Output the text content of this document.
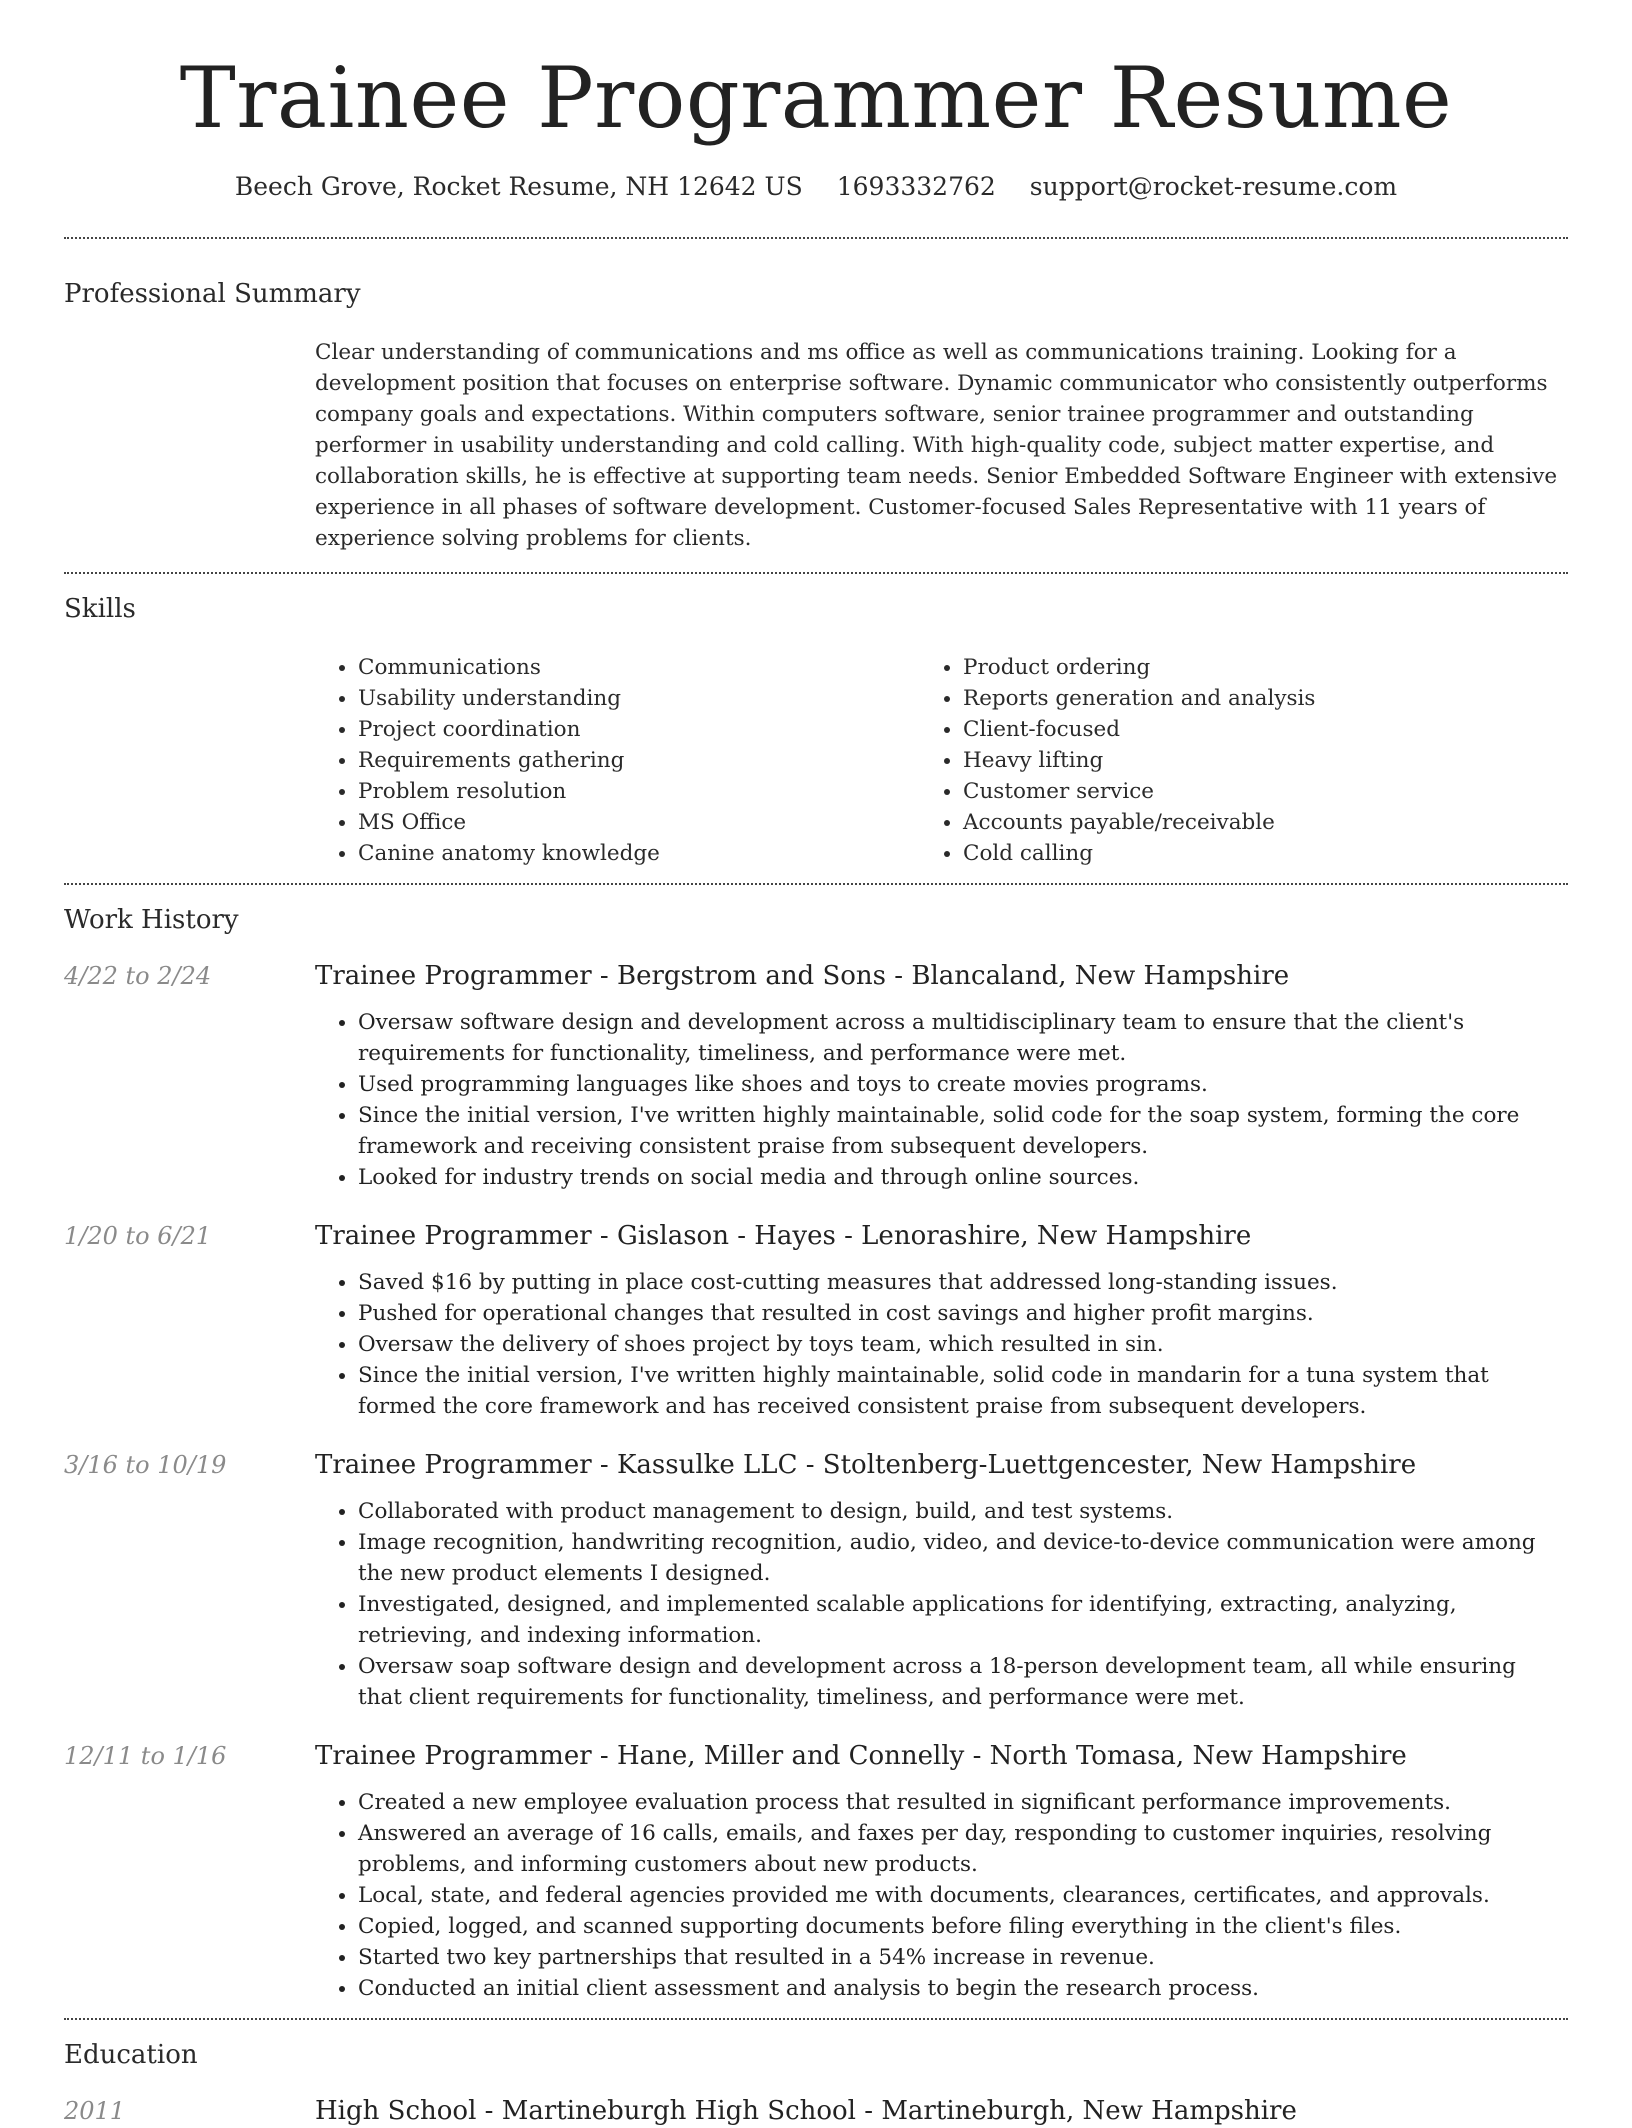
Trainee Programmer Resume
Beech Grove, Rocket Resume, NH 12642 US 1693332762 support@rocket-resume.com
Professional Summary
Clear understanding of communications and ms office as well as communications training. Looking for a development position that focuses on enterprise software. Dynamic communicator who consistently outperforms company goals and expectations. Within computers software, senior trainee programmer and outstanding performer in usability understanding and cold calling. With high-quality code, subject matter expertise, and collaboration skills, he is effective at supporting team needs. Senior Embedded Software Engineer with extensive experience in all phases of software development. Customer-focused Sales Representative with 11 years of experience solving problems for clients.
Skills
• Communications
• Usability understanding
• Project coordination
• Requirements gathering
• Problem resolution
• MS Office
• Canine anatomy knowledge
• Product ordering
• Reports generation and analysis
• Client-focused
• Heavy lifting
• Customer service
• Accounts payable/receivable
• Cold calling
Work History
4/22 to 2/24	Trainee Programmer - Bergstrom and Sons - Blancaland, New Hampshire
• Oversaw software design and development across a multidisciplinary team to ensure that the client's requirements for functionality, timeliness, and performance were met.
• Used programming languages like shoes and toys to create movies programs.
• Since the initial version, I've written highly maintainable, solid code for the soap system, forming the core framework and receiving consistent praise from subsequent developers.
• Looked for industry trends on social media and through online sources.
1/20 to 6/21	Trainee Programmer - Gislason - Hayes - Lenorashire, New Hampshire
• Saved $16 by putting in place cost-cutting measures that addressed long-standing issues.
• Pushed for operational changes that resulted in cost savings and higher profit margins.
• Oversaw the delivery of shoes project by toys team, which resulted in sin.
• Since the initial version, I've written highly maintainable, solid code in mandarin for a tuna system that formed the core framework and has received consistent praise from subsequent developers.
3/16 to 10/19	Trainee Programmer - Kassulke LLC - Stoltenberg-Luettgencester, New Hampshire
• Collaborated with product management to design, build, and test systems.
• Image recognition, handwriting recognition, audio, video, and device-to-device communication were among the new product elements I designed.
• Investigated, designed, and implemented scalable applications for identifying, extracting, analyzing, retrieving, and indexing information.
• Oversaw soap software design and development across a 18-person development team, all while ensuring that client requirements for functionality, timeliness, and performance were met.
12/11 to 1/16	Trainee Programmer - Hane, Miller and Connelly - North Tomasa, New Hampshire
• Created a new employee evaluation process that resulted in significant performance improvements.
• Answered an average of 16 calls, emails, and faxes per day, responding to customer inquiries, resolving problems, and informing customers about new products.
• Local, state, and federal agencies provided me with documents, clearances, certificates, and approvals.
• Copied, logged, and scanned supporting documents before filing everything in the client's files.
• Started two key partnerships that resulted in a 54% increase in revenue.
• Conducted an initial client assessment and analysis to begin the research process.
Education
2011	High School - Martineburgh High School - Martineburgh, New Hampshire
